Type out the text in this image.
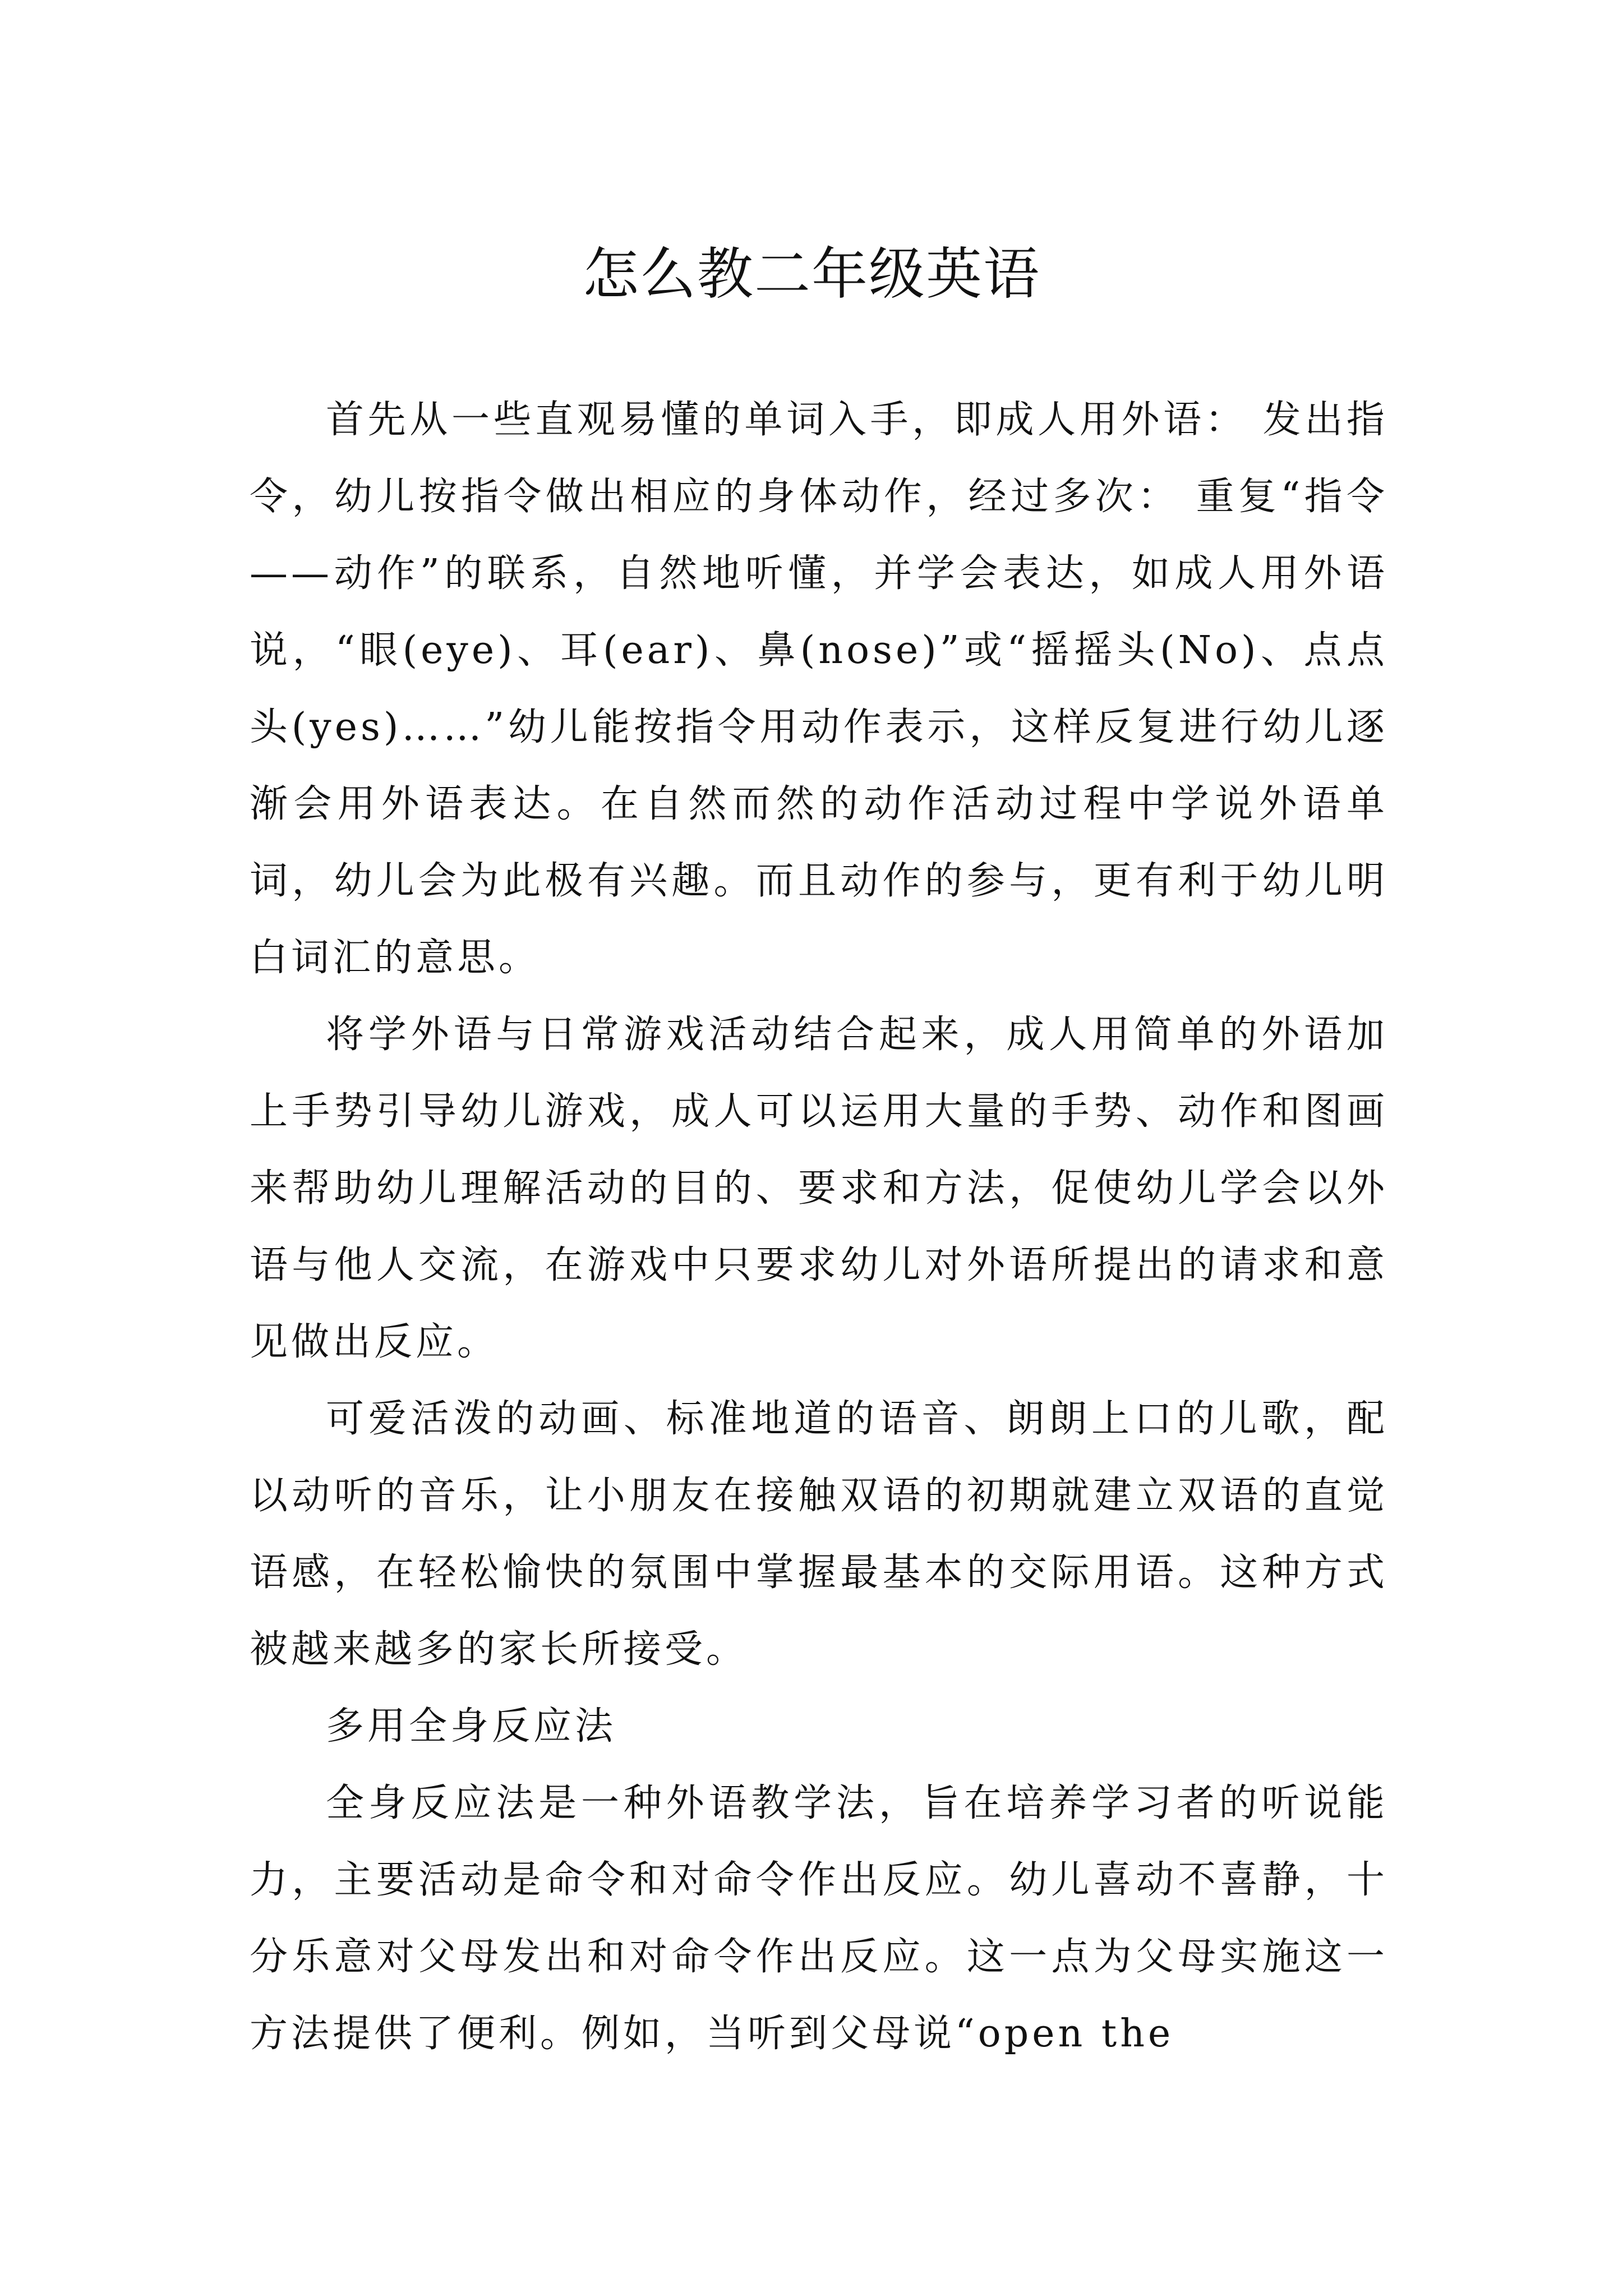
怎么教二年级英语

首先从一些直观易懂的单词入手，即成人用外语： 发出指令，幼儿按指令做出相应的身体动作，经过多次： 重复“指令——动作”的联系，自然地听懂，并学会表达，如成人用外语说，“眼(eye)、耳(ear)、鼻(nose)”或“摇摇头(No)、点点头(yes)……”幼儿能按指令用动作表示，这样反复进行幼儿逐渐会用外语表达。在自然而然的动作活动过程中学说外语单词，幼儿会为此极有兴趣。而且动作的参与，更有利于幼儿明白词汇的意思。

将学外语与日常游戏活动结合起来，成人用简单的外语加上手势引导幼儿游戏，成人可以运用大量的手势、动作和图画来帮助幼儿理解活动的目的、要求和方法，促使幼儿学会以外语与他人交流，在游戏中只要求幼儿对外语所提出的请求和意见做出反应。

可爱活泼的动画、标准地道的语音、朗朗上口的儿歌，配以动听的音乐，让小朋友在接触双语的初期就建立双语的直觉语感，在轻松愉快的氛围中掌握最基本的交际用语。这种方式被越来越多的家长所接受。

多用全身反应法

全身反应法是一种外语教学法，旨在培养学习者的听说能力，主要活动是命令和对命令作出反应。幼儿喜动不喜静，十分乐意对父母发出和对命令作出反应。这一点为父母实施这一方法提供了便利。例如，当听到父母说“open the
